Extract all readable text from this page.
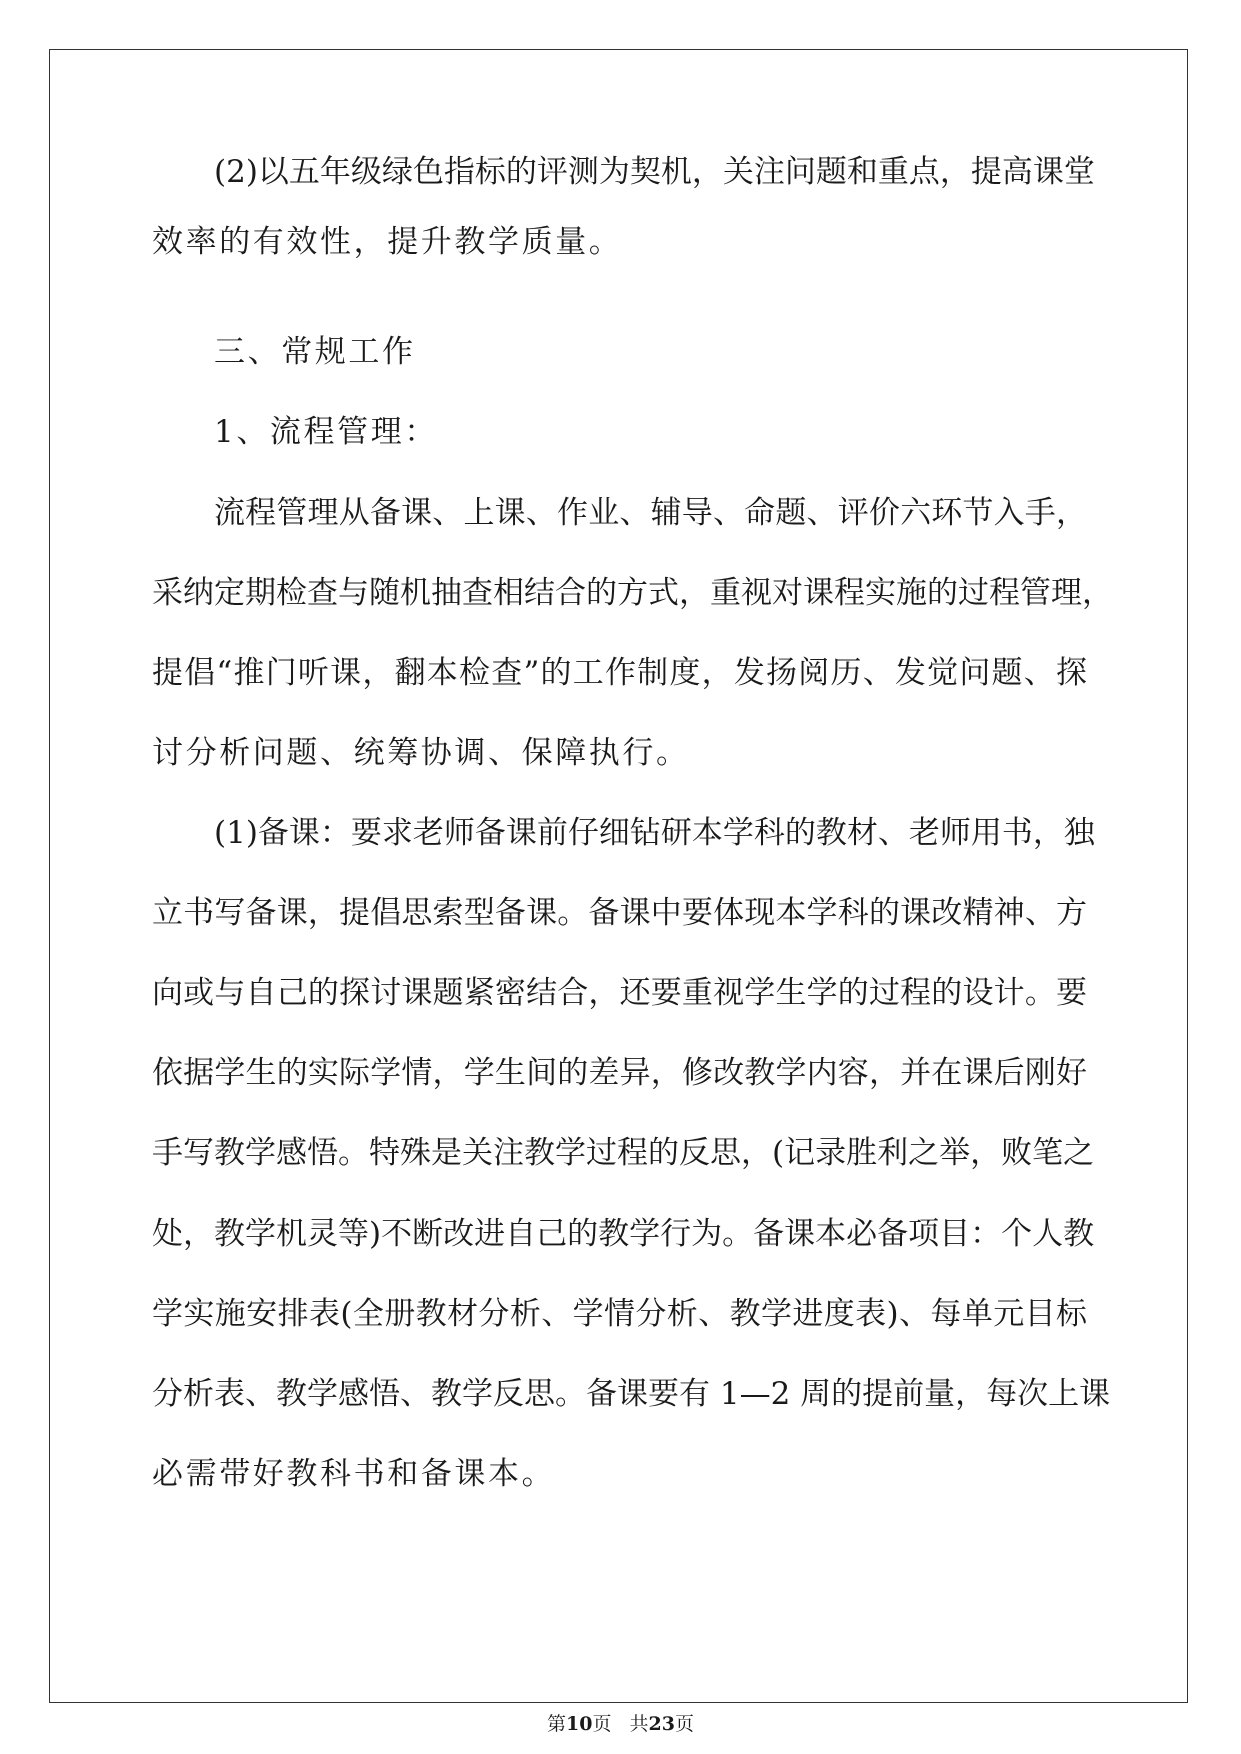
(2)以五年级绿色指标的评测为契机，关注问题和重点，提高课堂
效率的有效性，提升教学质量。
三、常规工作
1、流程管理：
流程管理从备课、上课、作业、辅导、命题、评价六环节入手，
采纳定期检查与随机抽查相结合的方式，重视对课程实施的过程管理，
提倡“推门听课，翻本检查”的工作制度，发扬阅历、发觉问题、探
讨分析问题、统筹协调、保障执行。
(1)备课：要求老师备课前仔细钻研本学科的教材、老师用书，独
立书写备课，提倡思索型备课。备课中要体现本学科的课改精神、方
向或与自己的探讨课题紧密结合，还要重视学生学的过程的设计。要
依据学生的实际学情，学生间的差异，修改教学内容，并在课后刚好
手写教学感悟。特殊是关注教学过程的反思，(记录胜利之举，败笔之
处，教学机灵等)不断改进自己的教学行为。备课本必备项目：个人教
学实施安排表(全册教材分析、学情分析、教学进度表)、每单元目标
分析表、教学感悟、教学反思。备课要有 1—2 周的提前量，每次上课
必需带好教科书和备课本。
第10页 共23页
